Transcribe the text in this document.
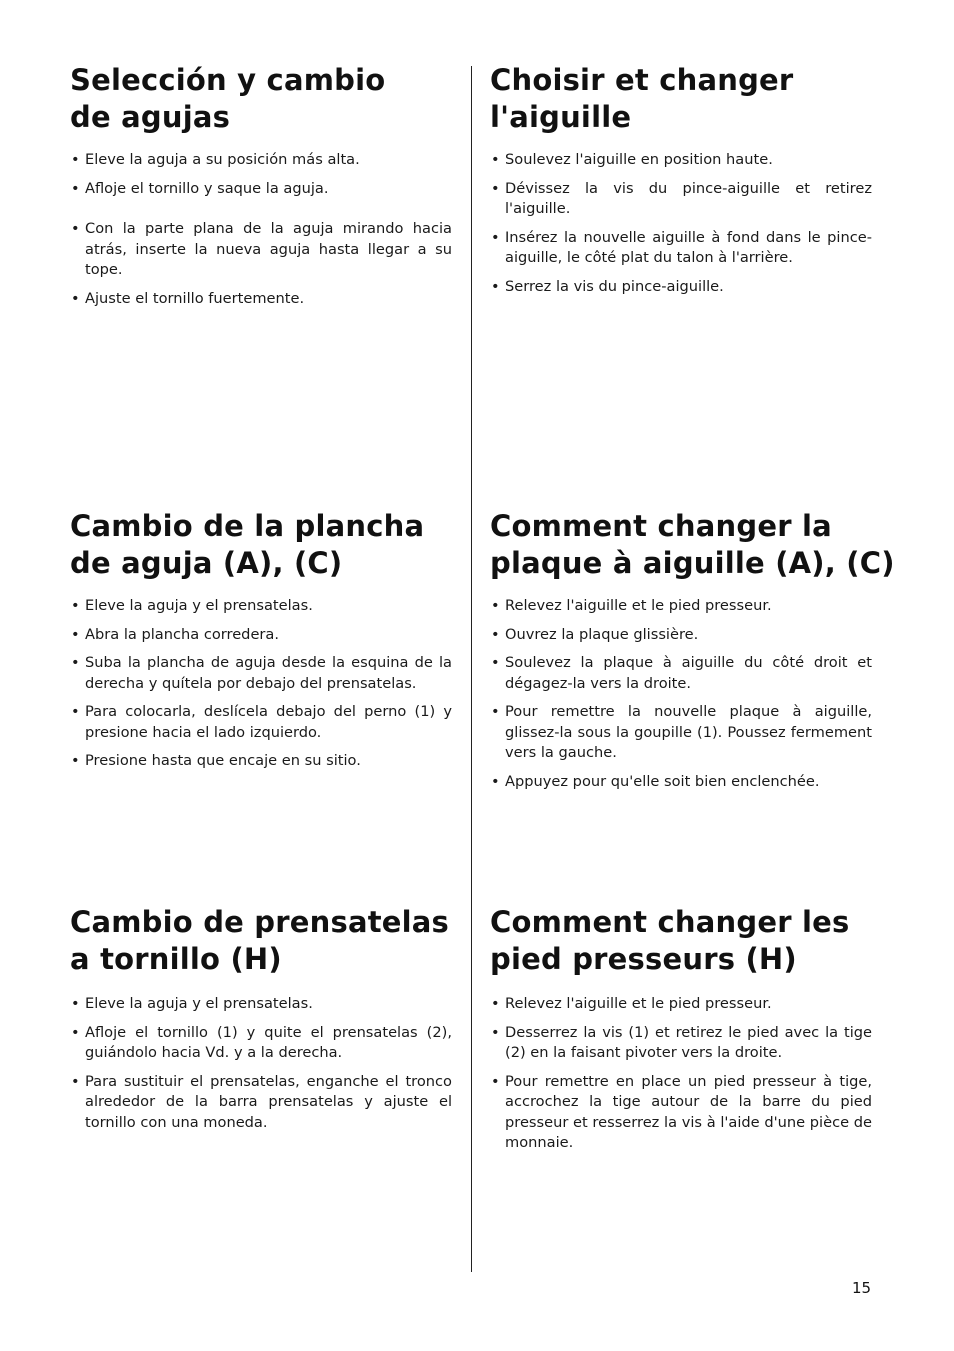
Selección y cambio
de agujas
• Eleve la aguja a su posición más alta.
• Afloje el tornillo y saque la aguja.
• Con la parte plana de la aguja mirando hacia atrás, inserte la nueva aguja hasta llegar a su tope.
• Ajuste el tornillo fuertemente.
Cambio de la plancha
de aguja (A), (C)
• Eleve la aguja y el prensatelas.
• Abra la plancha corredera.
• Suba la plancha de aguja desde la esquina de la derecha y quítela por debajo del prensatelas.
• Para colocarla, deslícela debajo del perno (1) y presione hacia el lado izquierdo.
• Presione hasta que encaje en su sitio.
Cambio de prensatelas
a tornillo (H)
• Eleve la aguja y el prensatelas.
• Afloje el tornillo (1) y quite el prensatelas (2), guiándolo hacia Vd. y a la derecha.
• Para sustituir el prensatelas, enganche el tronco alrededor de la barra prensatelas y ajuste el tornillo con una moneda.
Choisir et changer
l'aiguille
• Soulevez l'aiguille en position haute.
• Dévissez la vis du pince-aiguille et retirez l'aiguille.
• Insérez la nouvelle aiguille à fond dans le pince-aiguille, le côté plat du talon à l'arrière.
• Serrez la vis du pince-aiguille.
Comment changer la
plaque à aiguille (A), (C)
• Relevez l'aiguille et le pied presseur.
• Ouvrez la plaque glissière.
• Soulevez la plaque à aiguille du côté droit et dégagez-la vers la droite.
• Pour remettre la nouvelle plaque à aiguille, glissez-la sous la goupille (1). Poussez fermement vers la gauche.
• Appuyez pour qu'elle soit bien enclenchée.
Comment changer les
pied presseurs (H)
• Relevez l'aiguille et le pied presseur.
• Desserrez la vis (1) et retirez le pied avec la tige (2) en la faisant pivoter vers la droite.
• Pour remettre en place un pied presseur à tige, accrochez la tige autour de la barre du pied presseur et resserrez la vis à l'aide d'une pièce de monnaie.
15
